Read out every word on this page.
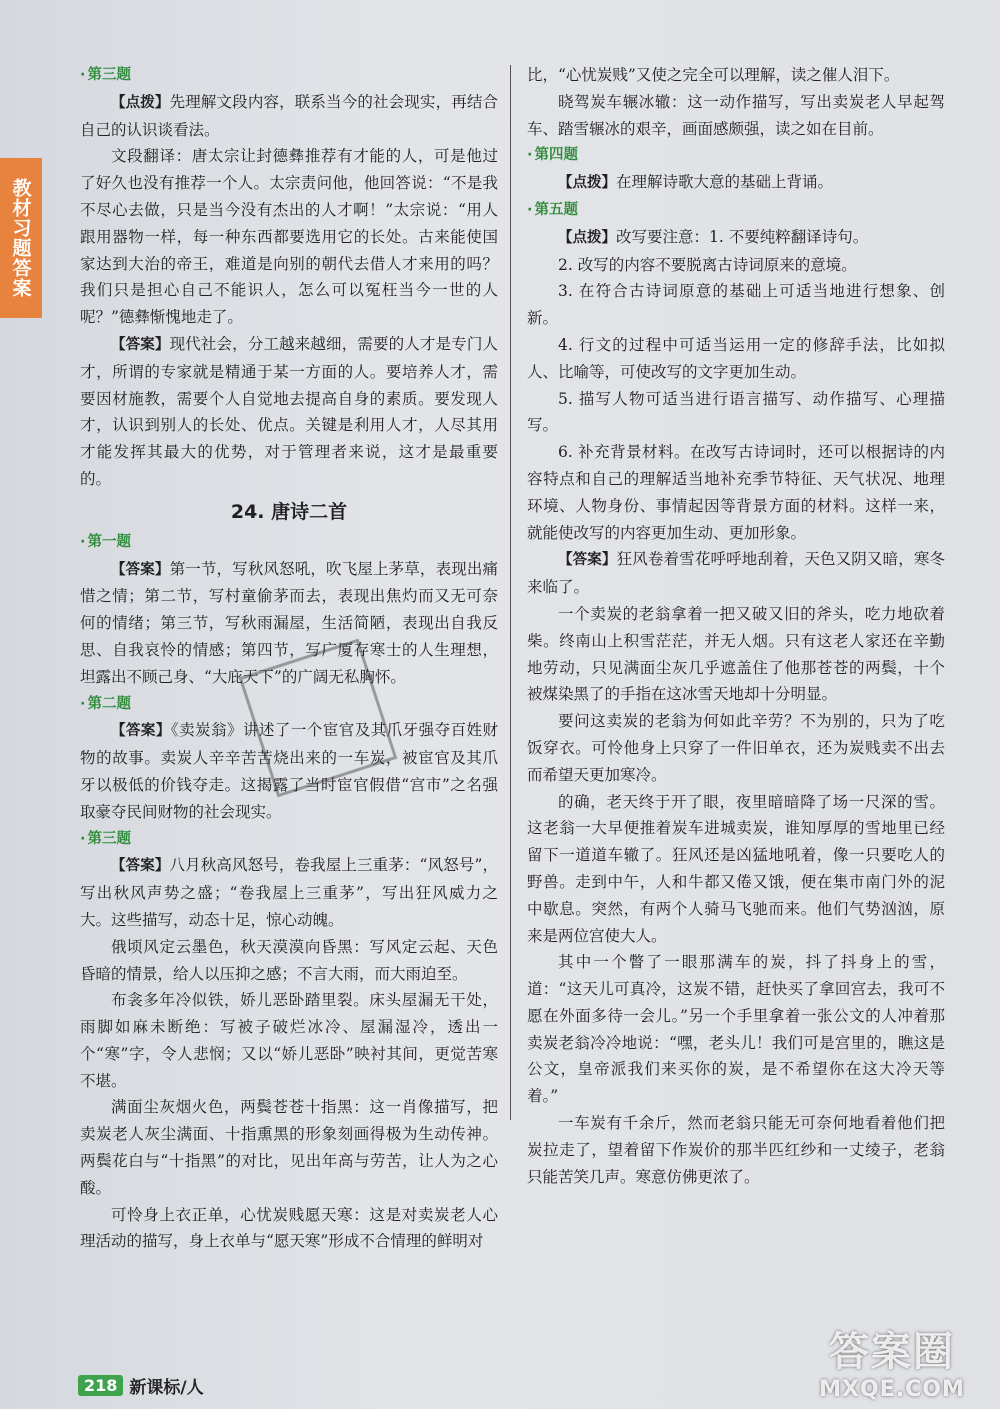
教材习题答案
· 第三题

【点拨】先理解文段内容，联系当今的社会现实，再结合自己的认识谈看法。

文段翻译：唐太宗让封德彝推荐有才能的人，可是他过了好久也没有推荐一个人。太宗责问他，他回答说：“不是我不尽心去做，只是当今没有杰出的人才啊！”太宗说：“用人跟用器物一样，每一种东西都要选用它的长处。古来能使国家达到大治的帝王，难道是向别的朝代去借人才来用的吗？我们只是担心自己不能识人，怎么可以冤枉当今一世的人呢？”德彝惭愧地走了。

【答案】现代社会，分工越来越细，需要的人才是专门人才，所谓的专家就是精通于某一方面的人。要培养人才，需要因材施教，需要个人自觉地去提高自身的素质。要发现人才，认识到别人的长处、优点。关键是利用人才，人尽其用才能发挥其最大的优势，对于管理者来说，这才是最重要的。

24. 唐诗二首
· 第一题

【答案】第一节，写秋风怒吼，吹飞屋上茅草，表现出痛惜之情；第二节，写村童偷茅而去，表现出焦灼而又无可奈何的情绪；第三节，写秋雨漏屋，生活简陋，表现出自我反思、自我哀怜的情感；第四节，写广厦存寒士的人生理想，坦露出不顾己身、“大庇天下”的广阔无私胸怀。

· 第二题

【答案】《卖炭翁》讲述了一个宦官及其爪牙强夺百姓财物的故事。卖炭人辛辛苦苦烧出来的一车炭，被宦官及其爪牙以极低的价钱夺走。这揭露了当时宦官假借“宫市”之名强取豪夺民间财物的社会现实。

· 第三题

【答案】八月秋高风怒号，卷我屋上三重茅：“风怒号”，写出秋风声势之盛；“卷我屋上三重茅”，写出狂风威力之大。这些描写，动态十足，惊心动魄。

俄顷风定云墨色，秋天漠漠向昏黑：写风定云起、天色昏暗的情景，给人以压抑之感；不言大雨，而大雨迫至。

布衾多年冷似铁，娇儿恶卧踏里裂。床头屋漏无干处，雨脚如麻未断绝：写被子破烂冰冷、屋漏湿冷，透出一个“寒”字，令人悲悯；又以“娇儿恶卧”映衬其间，更觉苦寒不堪。

满面尘灰烟火色，两鬓苍苍十指黑：这一肖像描写，把卖炭老人灰尘满面、十指熏黑的形象刻画得极为生动传神。两鬓花白与“十指黑”的对比，见出年高与劳苦，让人为之心酸。

可怜身上衣正单，心忧炭贱愿天寒：这是对卖炭老人心理活动的描写，身上衣单与“愿天寒”形成不合情理的鲜明对

比，“心忧炭贱”又使之完全可以理解，读之催人泪下。

晓驾炭车辗冰辙：这一动作描写，写出卖炭老人早起驾车、踏雪辗冰的艰辛，画面感颇强，读之如在目前。

· 第四题

【点拨】在理解诗歌大意的基础上背诵。

· 第五题

【点拨】改写要注意：1. 不要纯粹翻译诗句。

2. 改写的内容不要脱离古诗词原来的意境。

3. 在符合古诗词原意的基础上可适当地进行想象、创新。

4. 行文的过程中可适当运用一定的修辞手法，比如拟人、比喻等，可使改写的文字更加生动。

5. 描写人物可适当进行语言描写、动作描写、心理描写。

6. 补充背景材料。在改写古诗词时，还可以根据诗的内容特点和自己的理解适当地补充季节特征、天气状况、地理环境、人物身份、事情起因等背景方面的材料。这样一来，就能使改写的内容更加生动、更加形象。

【答案】狂风卷着雪花呼呼地刮着，天色又阴又暗，寒冬来临了。

一个卖炭的老翁拿着一把又破又旧的斧头，吃力地砍着柴。终南山上积雪茫茫，并无人烟。只有这老人家还在辛勤地劳动，只见满面尘灰几乎遮盖住了他那苍苍的两鬓，十个被煤染黑了的手指在这冰雪天地却十分明显。

要问这卖炭的老翁为何如此辛劳？不为别的，只为了吃饭穿衣。可怜他身上只穿了一件旧单衣，还为炭贱卖不出去而希望天更加寒冷。

的确，老天终于开了眼，夜里暗暗降了场一尺深的雪。这老翁一大早便推着炭车进城卖炭，谁知厚厚的雪地里已经留下一道道车辙了。狂风还是凶猛地吼着，像一只要吃人的野兽。走到中午，人和牛都又倦又饿，便在集市南门外的泥中歇息。突然，有两个人骑马飞驰而来。他们气势汹汹，原来是两位宫使大人。

其中一个瞥了一眼那满车的炭，抖了抖身上的雪，道：“这天儿可真冷，这炭不错，赶快买了拿回宫去，我可不愿在外面多待一会儿。”另一个手里拿着一张公文的人冲着那卖炭老翁冷冷地说：“嘿，老头儿！我们可是宫里的，瞧这是公文，皇帝派我们来买你的炭，是不希望你在这大冷天等着。”

一车炭有千余斤，然而老翁只能无可奈何地看着他们把炭拉走了，望着留下作炭价的那半匹红纱和一丈绫子，老翁只能苦笑几声。寒意仿佛更浓了。

218 新课标/人
答案圈
MXQE.COM
